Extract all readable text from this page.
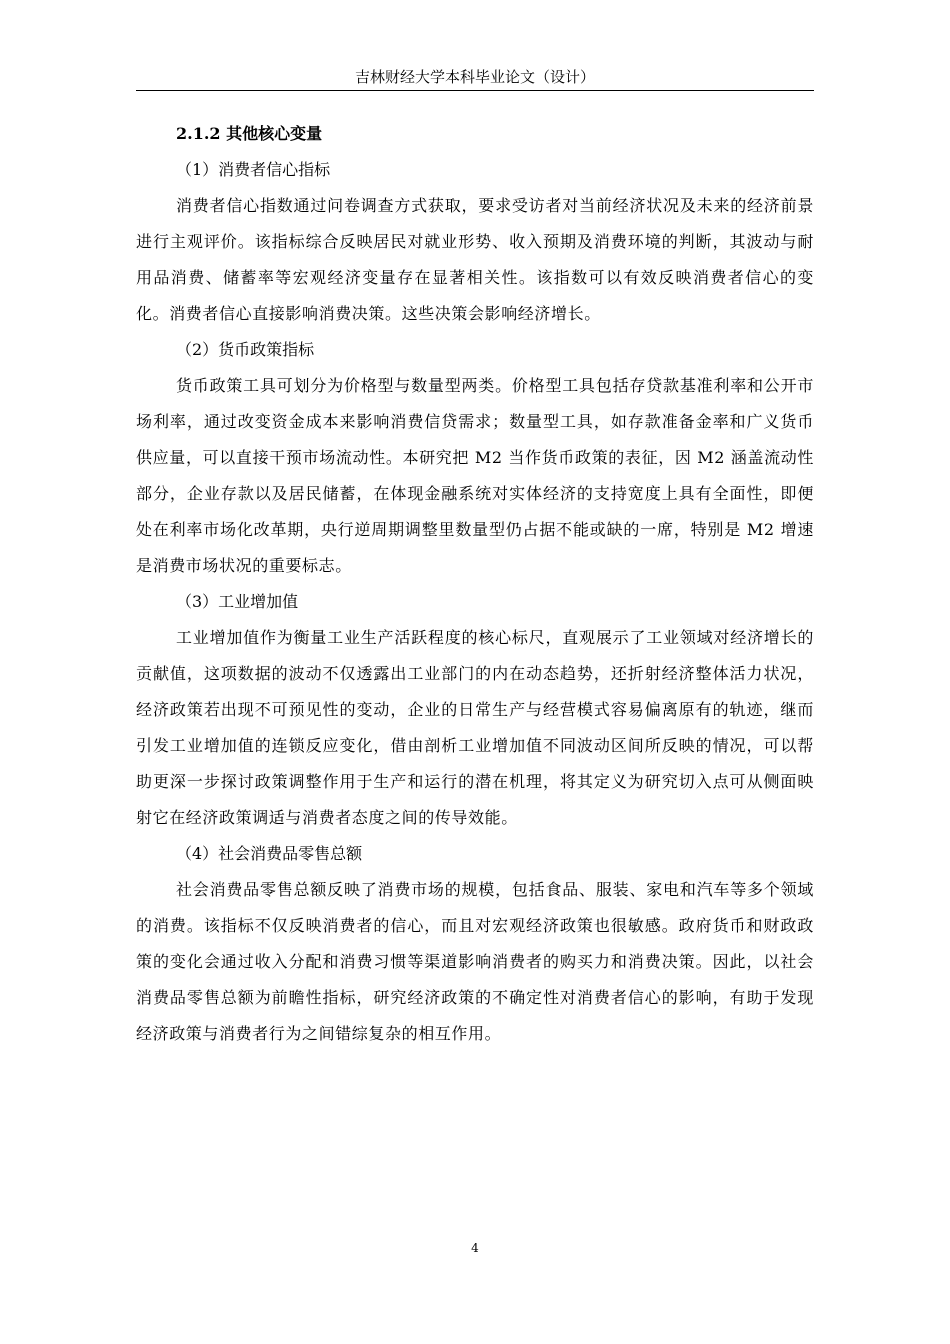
吉林财经大学本科毕业论文（设计）

2.1.2 其他核心变量

（1）消费者信心指标

消费者信心指数通过问卷调查方式获取，要求受访者对当前经济状况及未来的经济前景进行主观评价。该指标综合反映居民对就业形势、收入预期及消费环境的判断，其波动与耐用品消费、储蓄率等宏观经济变量存在显著相关性。该指数可以有效反映消费者信心的变化。消费者信心直接影响消费决策。这些决策会影响经济增长。

（2）货币政策指标

货币政策工具可划分为价格型与数量型两类。价格型工具包括存贷款基准利率和公开市场利率，通过改变资金成本来影响消费信贷需求；数量型工具，如存款准备金率和广义货币供应量，可以直接干预市场流动性。本研究把 M2 当作货币政策的表征，因 M2 涵盖流动性部分，企业存款以及居民储蓄，在体现金融系统对实体经济的支持宽度上具有全面性，即便处在利率市场化改革期，央行逆周期调整里数量型仍占据不能或缺的一席，特别是 M2 增速是消费市场状况的重要标志。

（3）工业增加值

工业增加值作为衡量工业生产活跃程度的核心标尺，直观展示了工业领域对经济增长的贡献值，这项数据的波动不仅透露出工业部门的内在动态趋势，还折射经济整体活力状况，经济政策若出现不可预见性的变动，企业的日常生产与经营模式容易偏离原有的轨迹，继而引发工业增加值的连锁反应变化，借由剖析工业增加值不同波动区间所反映的情况，可以帮助更深一步探讨政策调整作用于生产和运行的潜在机理，将其定义为研究切入点可从侧面映射它在经济政策调适与消费者态度之间的传导效能。

（4）社会消费品零售总额

社会消费品零售总额反映了消费市场的规模，包括食品、服装、家电和汽车等多个领域的消费。该指标不仅反映消费者的信心，而且对宏观经济政策也很敏感。政府货币和财政政策的变化会通过收入分配和消费习惯等渠道影响消费者的购买力和消费决策。因此，以社会消费品零售总额为前瞻性指标，研究经济政策的不确定性对消费者信心的影响，有助于发现经济政策与消费者行为之间错综复杂的相互作用。

4
